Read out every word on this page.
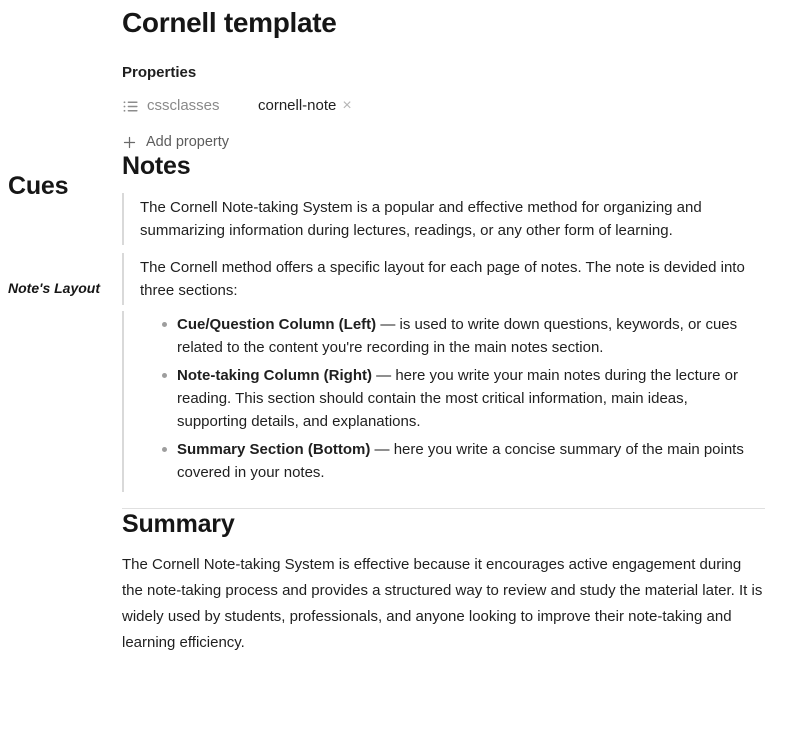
Cues
Note's Layout
Cornell template
Properties
cssclasses	cornell-note ×
Add property
Notes

The Cornell Note-taking System is a popular and effective method for organizing and summarizing information during lectures, readings, or any other form of learning.

The Cornell method offers a specific layout for each page of notes. The note is devided into three sections:

Cue/Question Column (Left) — is used to write down questions, keywords, or cues related to the content you're recording in the main notes section.
Note-taking Column (Right) — here you write your main notes during the lecture or reading. This section should contain the most critical information, main ideas, supporting details, and explanations.
Summary Section (Bottom) — here you write a concise summary of the main points covered in your notes.
Summary

The Cornell Note-taking System is effective because it encourages active engagement during the note-taking process and provides a structured way to review and study the material later. It is widely used by students, professionals, and anyone looking to improve their note-taking and learning efficiency.
